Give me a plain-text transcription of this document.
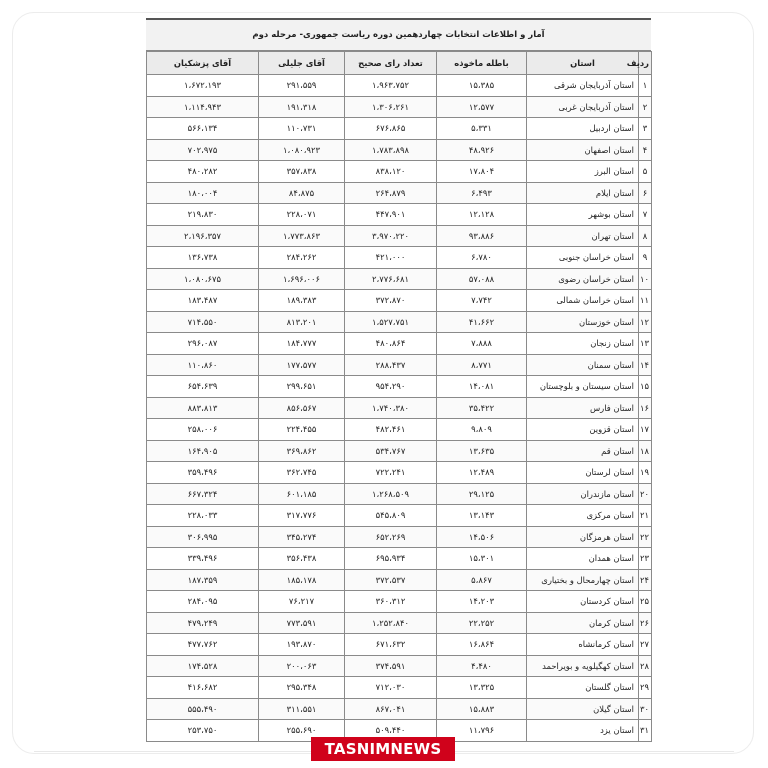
آمار و اطلاعات انتخابات چهاردهمین دوره ریاست جمهوری- مرحله دوم
ردیف	استان	باطله ماخوذه	تعداد رای صحیح	آقای جلیلی	آقای پزشکیان
۱	استان آذربایجان شرقی	۱۵،۳۸۵	۱،۹۶۳،۷۵۲	۲۹۱،۵۵۹	۱،۶۷۲،۱۹۳
۲	استان آذربایجان غربی	۱۲،۵۷۷	۱،۳۰۶،۲۶۱	۱۹۱،۳۱۸	۱،۱۱۴،۹۴۳
۳	استان اردبیل	۵،۳۳۱	۶۷۶،۸۶۵	۱۱۰،۷۳۱	۵۶۶،۱۳۴
۴	استان اصفهان	۴۸،۹۲۶	۱،۷۸۳،۸۹۸	۱،۰۸۰،۹۲۳	۷۰۲،۹۷۵
۵	استان البرز	۱۷،۸۰۴	۸۳۸،۱۲۰	۳۵۷،۸۳۸	۴۸۰،۲۸۲
۶	استان ایلام	۶،۴۹۳	۲۶۴،۸۷۹	۸۴،۸۷۵	۱۸۰،۰۰۴
۷	استان بوشهر	۱۲،۱۲۸	۴۴۷،۹۰۱	۲۲۸،۰۷۱	۲۱۹،۸۳۰
۸	استان تهران	۹۳،۸۸۶	۳،۹۷۰،۲۲۰	۱،۷۷۳،۸۶۳	۲،۱۹۶،۳۵۷
۹	استان خراسان جنوبی	۶،۷۸۰	۴۲۱،۰۰۰	۲۸۴،۲۶۲	۱۳۶،۷۳۸
۱۰	استان خراسان رضوی	۵۷،۰۸۸	۲،۷۷۶،۶۸۱	۱،۶۹۶،۰۰۶	۱،۰۸۰،۶۷۵
۱۱	استان خراسان شمالی	۷،۷۴۲	۳۷۲،۸۷۰	۱۸۹،۳۸۳	۱۸۳،۴۸۷
۱۲	استان خوزستان	۴۱،۶۶۲	۱،۵۲۷،۷۵۱	۸۱۳،۲۰۱	۷۱۴،۵۵۰
۱۳	استان زنجان	۷،۸۸۸	۴۸۰،۸۶۴	۱۸۴،۷۷۷	۲۹۶،۰۸۷
۱۴	استان سمنان	۸،۷۷۱	۲۸۸،۴۳۷	۱۷۷،۵۷۷	۱۱۰،۸۶۰
۱۵	استان سیستان و بلوچستان	۱۴،۰۸۱	۹۵۴،۲۹۰	۲۹۹،۶۵۱	۶۵۴،۶۳۹
۱۶	استان فارس	۳۵،۴۲۲	۱،۷۴۰،۳۸۰	۸۵۶،۵۶۷	۸۸۳،۸۱۳
۱۷	استان قزوین	۹،۸۰۹	۴۸۲،۴۶۱	۲۲۴،۴۵۵	۲۵۸،۰۰۶
۱۸	استان قم	۱۳،۶۳۵	۵۳۴،۷۶۷	۳۶۹،۸۶۲	۱۶۴،۹۰۵
۱۹	استان لرستان	۱۲،۴۸۹	۷۲۲،۲۴۱	۳۶۲،۷۴۵	۳۵۹،۴۹۶
۲۰	استان مازندران	۲۹،۱۲۵	۱،۲۶۸،۵۰۹	۶۰۱،۱۸۵	۶۶۷،۳۲۴
۲۱	استان مرکزی	۱۳،۱۴۳	۵۴۵،۸۰۹	۳۱۷،۷۷۶	۲۲۸،۰۳۳
۲۲	استان هرمزگان	۱۴،۵۰۶	۶۵۲،۲۶۹	۳۴۵،۲۷۴	۳۰۶،۹۹۵
۲۳	استان همدان	۱۵،۳۰۱	۶۹۵،۹۳۴	۳۵۶،۴۳۸	۳۳۹،۴۹۶
۲۴	استان چهارمحال و بختیاری	۵،۸۶۷	۳۷۲،۵۳۷	۱۸۵،۱۷۸	۱۸۷،۳۵۹
۲۵	استان کردستان	۱۴،۲۰۳	۳۶۰،۳۱۲	۷۶،۲۱۷	۲۸۴،۰۹۵
۲۶	استان کرمان	۲۲،۲۵۲	۱،۲۵۲،۸۴۰	۷۷۳،۵۹۱	۴۷۹،۲۴۹
۲۷	استان کرمانشاه	۱۶،۸۶۴	۶۷۱،۶۳۲	۱۹۳،۸۷۰	۴۷۷،۷۶۲
۲۸	استان کهگیلویه و بویراحمد	۴،۴۸۰	۳۷۴،۵۹۱	۲۰۰،۰۶۳	۱۷۴،۵۲۸
۲۹	استان گلستان	۱۳،۳۲۵	۷۱۲،۰۳۰	۲۹۵،۳۴۸	۴۱۶،۶۸۲
۳۰	استان گیلان	۱۵،۸۸۳	۸۶۷،۰۴۱	۳۱۱،۵۵۱	۵۵۵،۴۹۰
۳۱	استان یزد	۱۱،۷۹۶	۵۰۹،۴۴۰	۲۵۵،۶۹۰	۲۵۳،۷۵۰
TASNIMNEWS
